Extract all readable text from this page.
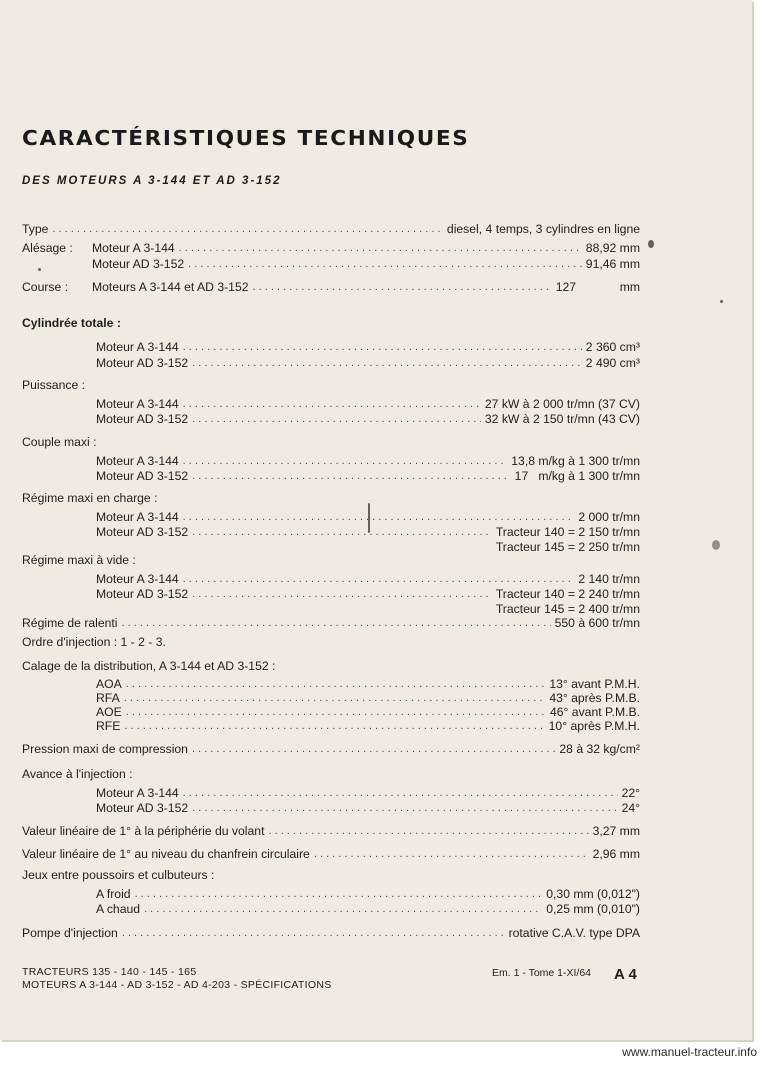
CARACTÉRISTIQUES TECHNIQUES
DES MOTEURS A 3-144 ET AD 3-152
Type . . .	diesel, 4 temps, 3 cylindres en ligne
Alésage :	Moteur A 3-144 . . .	88,92 mm
Moteur AD 3-152 . . .	91,46 mm
Course :	Moteurs A 3-144 et AD 3-152 . . .	127	mm
Cylindrée totale :
Moteur A 3-144 . . .	2 360 cm³
Moteur AD 3-152 . . .	2 490 cm³
Puissance :
Moteur A 3-144 . . .	27 kW à 2 000 tr/mn (37 CV)
Moteur AD 3-152 . . .	32 kW à 2 150 tr/mn (43 CV)
Couple maxi :
Moteur A 3-144 . . .	13,8 m/kg à 1 300 tr/mn
Moteur AD 3-152 . . .	17   m/kg à 1 300 tr/mn
Régime maxi en charge :
Moteur A 3-144 . . .	2 000 tr/mn
Moteur AD 3-152 . . .	Tracteur 140 = 2 150 tr/mn
Tracteur 145 = 2 250 tr/mn
Régime maxi à vide :
Moteur A 3-144 . . .	2 140 tr/mn
Moteur AD 3-152 . . .	Tracteur 140 = 2 240 tr/mn
Tracteur 145 = 2 400 tr/mn
Régime de ralenti . . .	550 à 600 tr/mn
Ordre d'injection : 1 - 2 - 3.
Calage de la distribution, A 3-144 et AD 3-152 :
AOA . . .	13° avant P.M.H.
RFA . . .	43° après P.M.B.
AOE . . .	46° avant P.M.B.
RFE . . .	10° après P.M.H.
Pression maxi de compression . . .	28 à 32 kg/cm²
Avance à l'injection :
Moteur A 3-144 . . .	22°
Moteur AD 3-152 . . .	24°
Valeur linéaire de 1° à la périphérie du volant . . .	3,27 mm
Valeur linéaire de 1° au niveau du chanfrein circulaire . . .	2,96 mm
Jeux entre poussoirs et culbuteurs :
A froid . . .	0,30 mm (0,012")
A chaud . . .	0,25 mm (0,010")
Pompe d'injection . . .	rotative C.A.V. type DPA
TRACTEURS 135 - 140 - 145 - 165
MOTEURS A 3-144 - AD 3-152 - AD 4-203 - SPÉCIFICATIONS
Em. 1 - Tome 1-XI/64 A 4
www.manuel-tracteur.info
